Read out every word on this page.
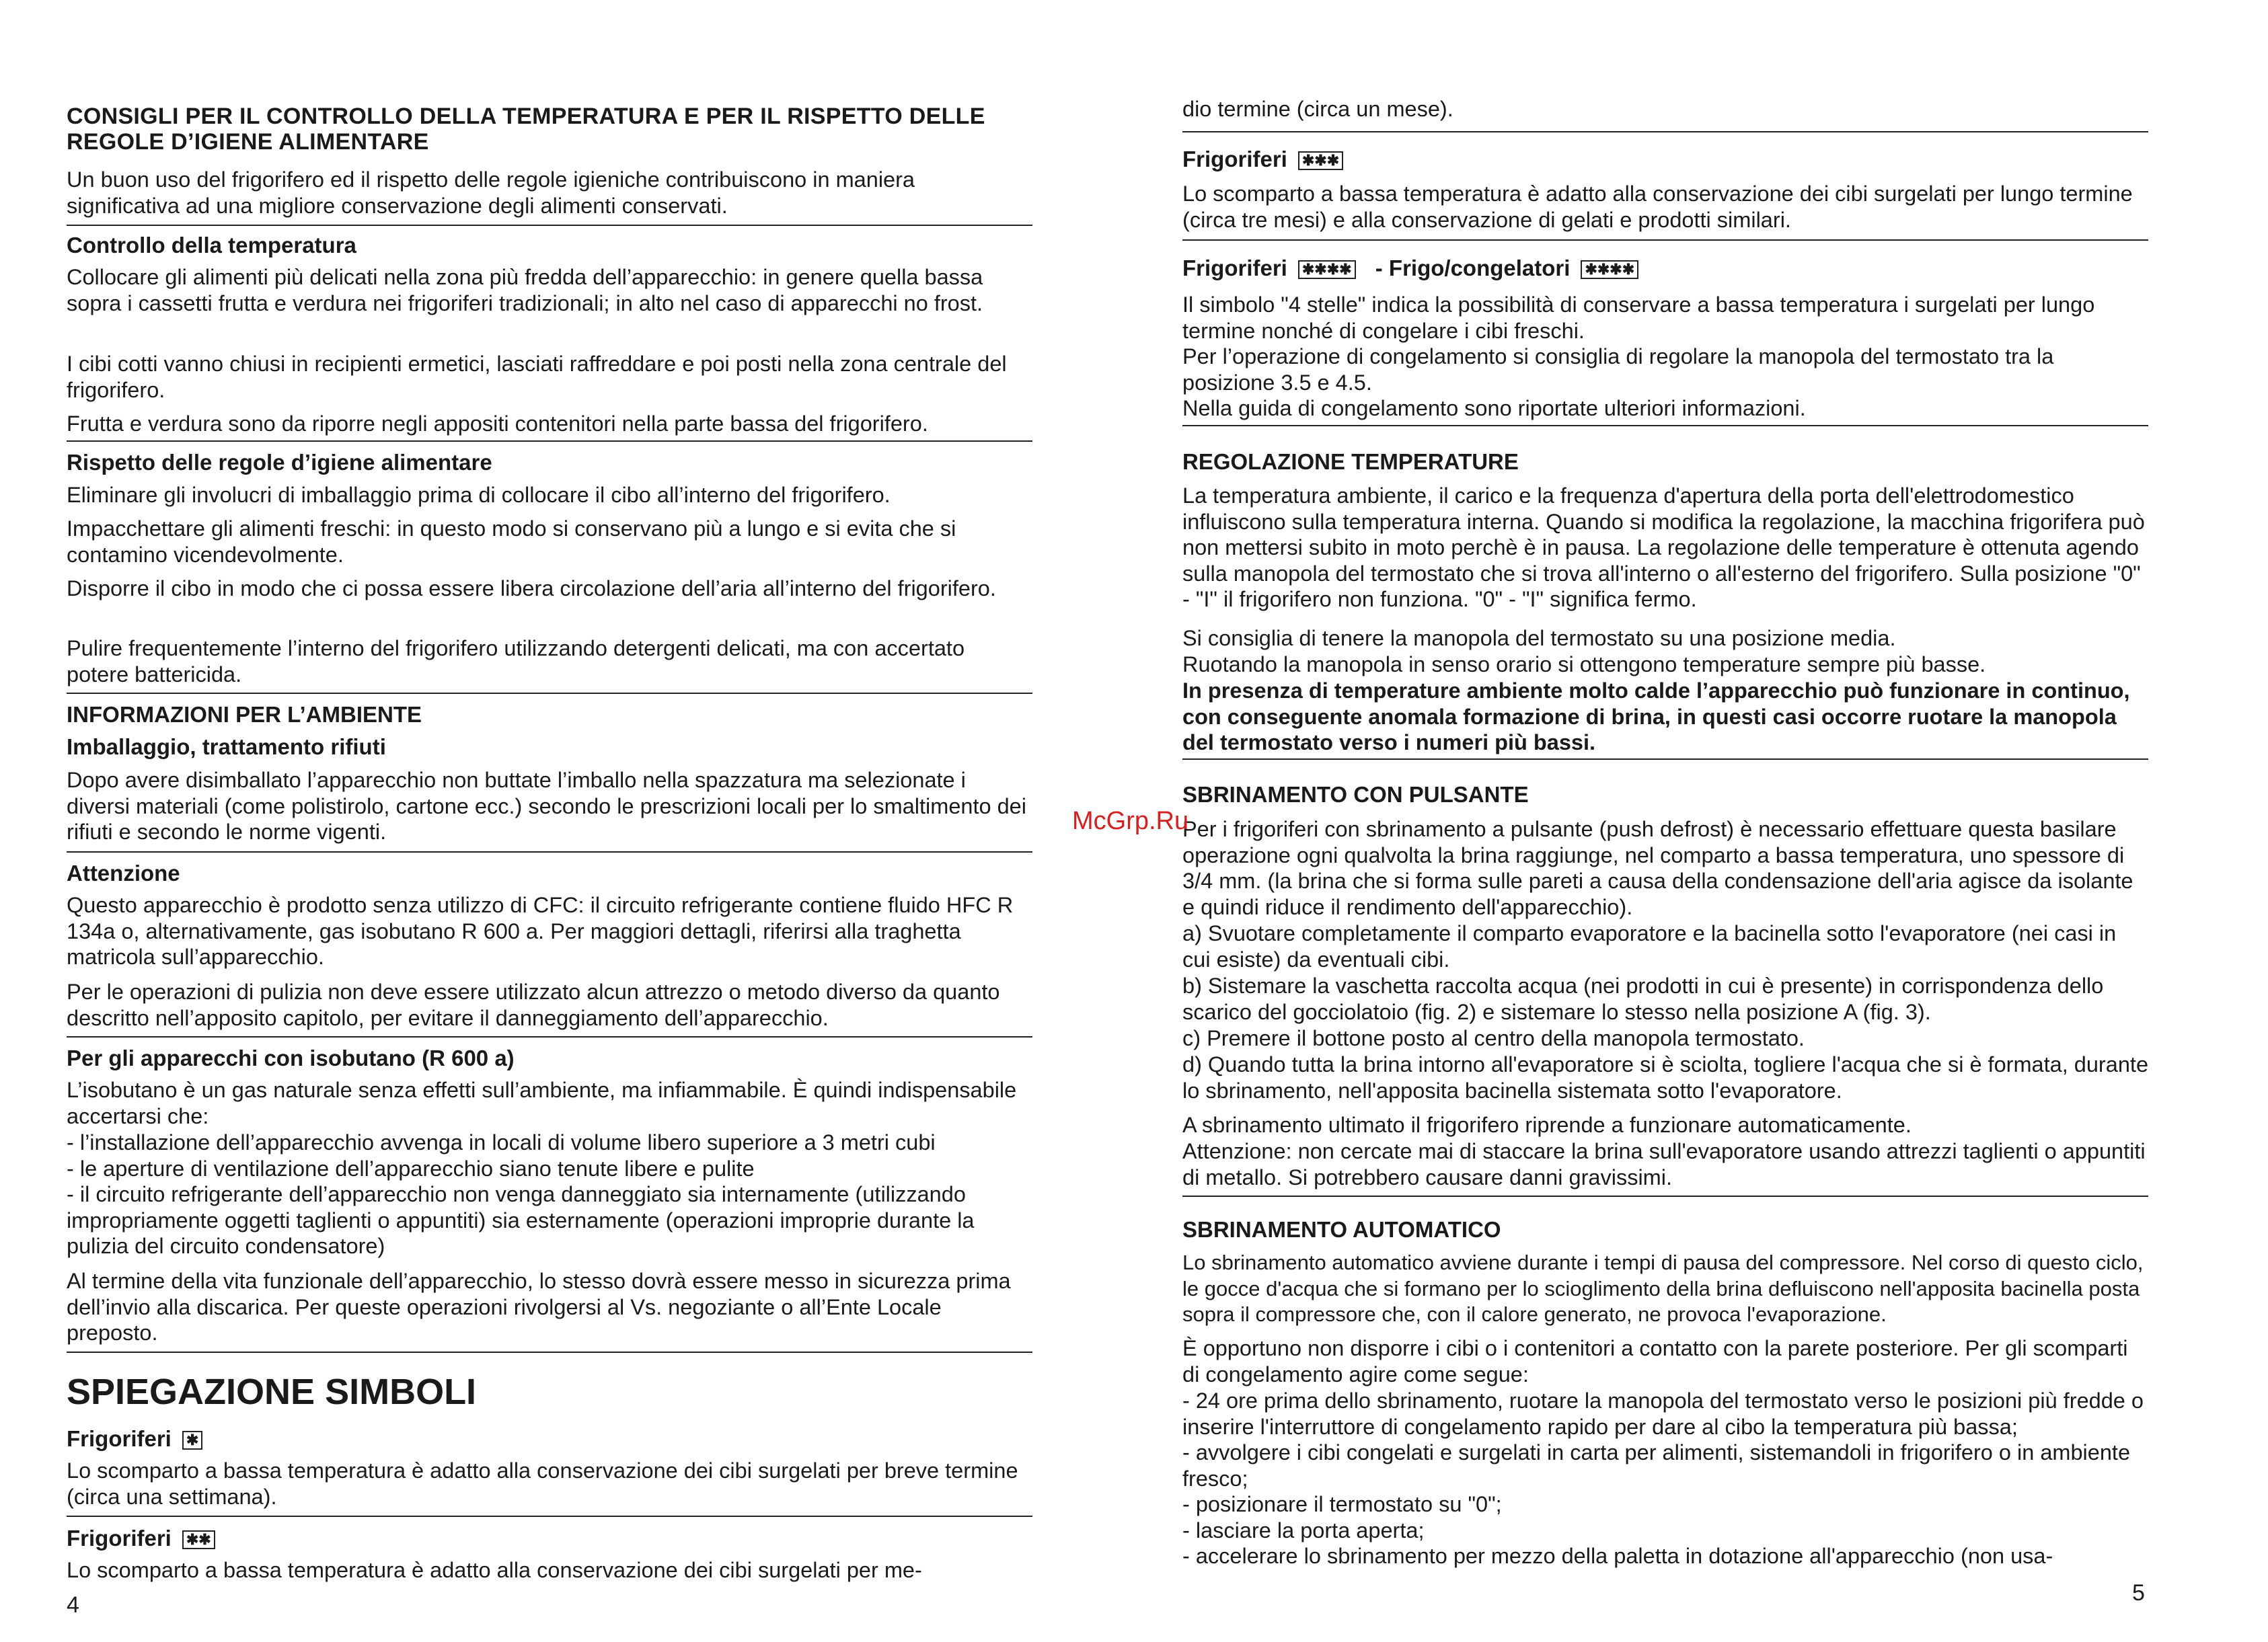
CONSIGLI PER IL CONTROLLO DELLA TEMPERATURA E PER IL RISPETTO DELLE
REGOLE D’IGIENE ALIMENTARE
Un buon uso del frigorifero ed il rispetto delle regole igieniche contribuiscono in maniera significativa ad una migliore conservazione degli alimenti conservati.
Controllo della temperatura
Collocare gli alimenti più delicati nella zona più fredda dell’apparecchio: in genere quella bassa sopra i cassetti frutta e verdura nei frigoriferi tradizionali; in alto nel caso di apparecchi no frost.
I cibi cotti vanno chiusi in recipienti ermetici, lasciati raffreddare e poi posti nella zona centrale del frigorifero.
Frutta e verdura sono da riporre negli appositi contenitori nella parte bassa del frigorifero.
Rispetto delle regole d’igiene alimentare
Eliminare gli involucri di imballaggio prima di collocare il cibo all’interno del frigorifero.
Impacchettare gli alimenti freschi: in questo modo si conservano più a lungo e si evita che si contamino vicendevolmente.
Disporre il cibo in modo che ci possa essere libera circolazione dell’aria all’interno del frigorifero.
Pulire frequentemente l’interno del frigorifero utilizzando detergenti delicati, ma con accertato potere battericida.
INFORMAZIONI PER L’AMBIENTE
Imballaggio, trattamento rifiuti
Dopo avere disimballato l’apparecchio non buttate l’imballo nella spazzatura ma selezionate i diversi materiali (come polistirolo, cartone ecc.) secondo le prescrizioni locali per lo smaltimento dei rifiuti e secondo le norme vigenti.
Attenzione
Questo apparecchio è prodotto senza utilizzo di CFC: il circuito refrigerante contiene fluido HFC R 134a o, alternativamente, gas isobutano R 600 a. Per maggiori dettagli, riferirsi alla traghetta matricola sull’apparecchio.
Per le operazioni di pulizia non deve essere utilizzato alcun attrezzo o metodo diverso da quanto descritto nell’apposito capitolo, per evitare il danneggiamento dell’apparecchio.
Per gli apparecchi con isobutano (R 600 a)
L’isobutano è un gas naturale senza effetti sull’ambiente, ma infiammabile. È quindi indispensabile accertarsi che:
- l’installazione dell’apparecchio avvenga in locali di volume libero superiore a 3 metri cubi
- le aperture di ventilazione dell’apparecchio siano tenute libere e pulite
- il circuito refrigerante dell’apparecchio non venga danneggiato sia internamente (utilizzando impropriamente oggetti taglienti o appuntiti) sia esternamente (operazioni improprie durante la pulizia del circuito condensatore)
Al termine della vita funzionale dell’apparecchio, lo stesso dovrà essere messo in sicurezza prima dell’invio alla discarica. Per queste operazioni rivolgersi al Vs. negoziante o all’Ente Locale preposto.
SPIEGAZIONE SIMBOLI
Frigoriferi ✱
Lo scomparto a bassa temperatura è adatto alla conservazione dei cibi surgelati per breve termine (circa una settimana).
Frigoriferi ✱✱
Lo scomparto a bassa temperatura è adatto alla conservazione dei cibi surgelati per me-
4
dio termine (circa un mese).
Frigoriferi ✱✱✱
Lo scomparto a bassa temperatura è adatto alla conservazione dei cibi surgelati per lungo termine (circa tre mesi) e alla conservazione di gelati e prodotti similari.
Frigoriferi ✱✱✱✱ - Frigo/congelatori ✱✱✱✱
Il simbolo "4 stelle" indica la possibilità di conservare a bassa temperatura i surgelati per lungo termine nonché di congelare i cibi freschi.
Per l’operazione di congelamento si consiglia di regolare la manopola del termostato tra la posizione 3.5 e 4.5.
Nella guida di congelamento sono riportate ulteriori informazioni.
REGOLAZIONE TEMPERATURE
La temperatura ambiente, il carico e la frequenza d'apertura della porta dell'elettrodomestico influiscono sulla temperatura interna. Quando si modifica la regolazione, la macchina frigorifera può non mettersi subito in moto perchè è in pausa. La regolazione delle temperature è ottenuta agendo sulla manopola del termostato che si trova all'interno o all'esterno del frigorifero. Sulla posizione "0" - "I" il frigorifero non funziona. "0" - "I" significa fermo.
Si consiglia di tenere la manopola del termostato su una posizione media.
Ruotando la manopola in senso orario si ottengono temperature sempre più basse.
In presenza di temperature ambiente molto calde l’apparecchio può funzionare in continuo, con conseguente anomala formazione di brina, in questi casi occorre ruotare la manopola del termostato verso i numeri più bassi.
SBRINAMENTO CON PULSANTE
Per i frigoriferi con sbrinamento a pulsante (push defrost) è necessario effettuare questa basilare operazione ogni qualvolta la brina raggiunge, nel comparto a bassa temperatura, uno spessore di 3/4 mm. (la brina che si forma sulle pareti a causa della condensazione dell'aria agisce da isolante e quindi riduce il rendimento dell'apparecchio).
a) Svuotare completamente il comparto evaporatore e la bacinella sotto l'evaporatore (nei casi in cui esiste) da eventuali cibi.
b) Sistemare la vaschetta raccolta acqua (nei prodotti in cui è presente) in corrispondenza dello scarico del gocciolatoio (fig. 2) e sistemare lo stesso nella posizione A (fig. 3).
c) Premere il bottone posto al centro della manopola termostato.
d) Quando tutta la brina intorno all'evaporatore si è sciolta, togliere l'acqua che si è formata, durante lo sbrinamento, nell'apposita bacinella sistemata sotto l'evaporatore.
A sbrinamento ultimato il frigorifero riprende a funzionare automaticamente.
Attenzione: non cercate mai di staccare la brina sull'evaporatore usando attrezzi taglienti o appuntiti di metallo. Si potrebbero causare danni gravissimi.
SBRINAMENTO AUTOMATICO
Lo sbrinamento automatico avviene durante i tempi di pausa del compressore. Nel corso di questo ciclo, le gocce d'acqua che si formano per lo scioglimento della brina defluiscono nell'apposita bacinella posta sopra il compressore che, con il calore generato, ne provoca l'evaporazione.
È opportuno non disporre i cibi o i contenitori a contatto con la parete posteriore. Per gli scomparti di congelamento agire come segue:
- 24 ore prima dello sbrinamento, ruotare la manopola del termostato verso le posizioni più fredde o inserire l'interruttore di congelamento rapido per dare al cibo la temperatura più bassa;
- avvolgere i cibi congelati e surgelati in carta per alimenti, sistemandoli in frigorifero o in ambiente fresco;
- posizionare il termostato su "0";
- lasciare la porta aperta;
- accelerare lo sbrinamento per mezzo della paletta in dotazione all'apparecchio (non usa-
5
McGrp.Ru
